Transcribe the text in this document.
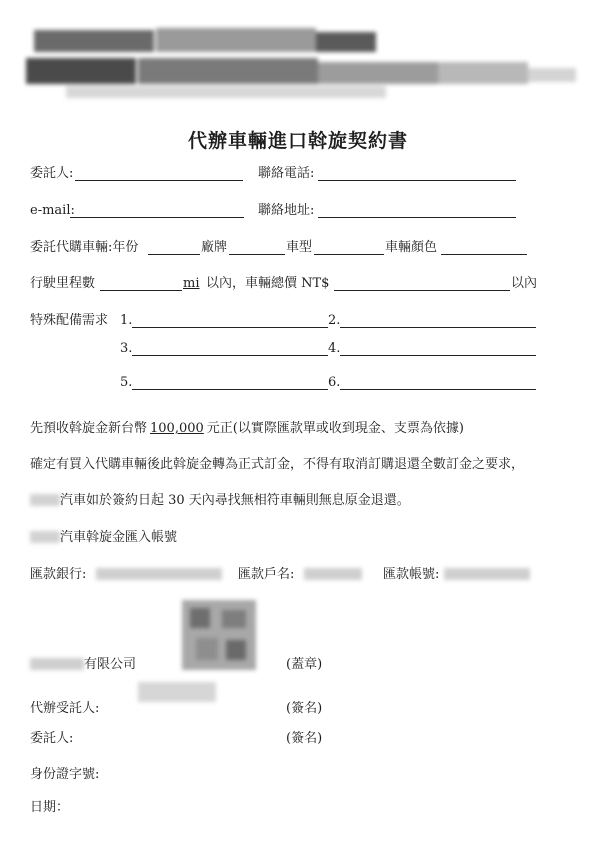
代辦車輛進口斡旋契約書
委託人:	聯絡電話:
e-mail:	聯絡地址:
委託代購車輛:年份	廠牌	車型	車輛顏色
行駛里程數	mi 以內，車輛總價 NT$	以內
特殊配備需求 1.	2.
3.	4.
5.	6.
先預收斡旋金新台幣 100,000 元正(以實際匯款單或收到現金、支票為依據)
確定有買入代購車輛後此斡旋金轉為正式訂金，不得有取消訂購退還全數訂金之要求，
汽車如於簽約日起 30 天內尋找無相符車輛則無息原金退還。
汽車斡旋金匯入帳號
匯款銀行:	匯款戶名:	匯款帳號:
有限公司	(蓋章)
代辦受託人:	(簽名)
委託人:	(簽名)
身份證字號:
日期：
